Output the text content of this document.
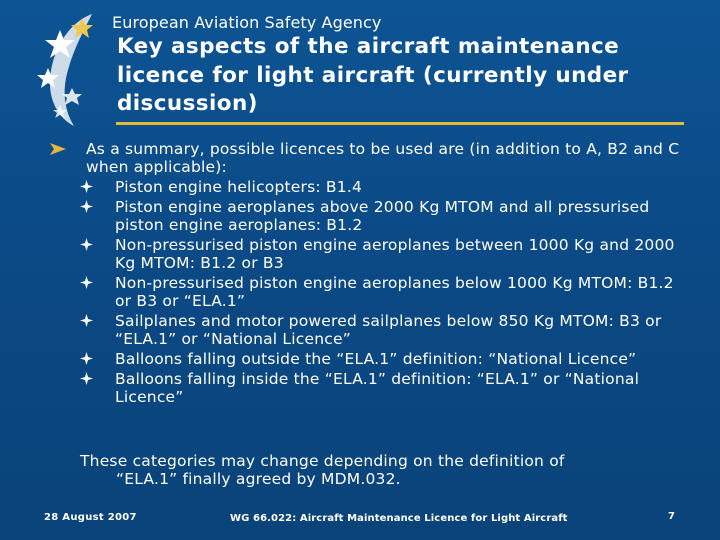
European Aviation Safety Agency
Key aspects of the aircraft maintenance licence for light aircraft (currently under discussion)
As a summary, possible licences to be used are (in addition to A, B2 and C when applicable):
Piston engine helicopters: B1.4
Piston engine aeroplanes above 2000 Kg MTOM and all pressurised piston engine aeroplanes: B1.2
Non-pressurised piston engine aeroplanes between 1000 Kg and 2000 Kg MTOM: B1.2 or B3
Non-pressurised piston engine aeroplanes below 1000 Kg MTOM: B1.2 or B3 or “ELA.1”
Sailplanes and motor powered sailplanes below 850 Kg MTOM: B3 or “ELA.1” or “National Licence”
Balloons falling outside the “ELA.1” definition: “National Licence”
Balloons falling inside the “ELA.1” definition: “ELA.1” or “National Licence”
These categories may change depending on the definition of
“ELA.1” finally agreed by MDM.032.
28 August 2007	WG 66.022: Aircraft Maintenance Licence for Light Aircraft	7
